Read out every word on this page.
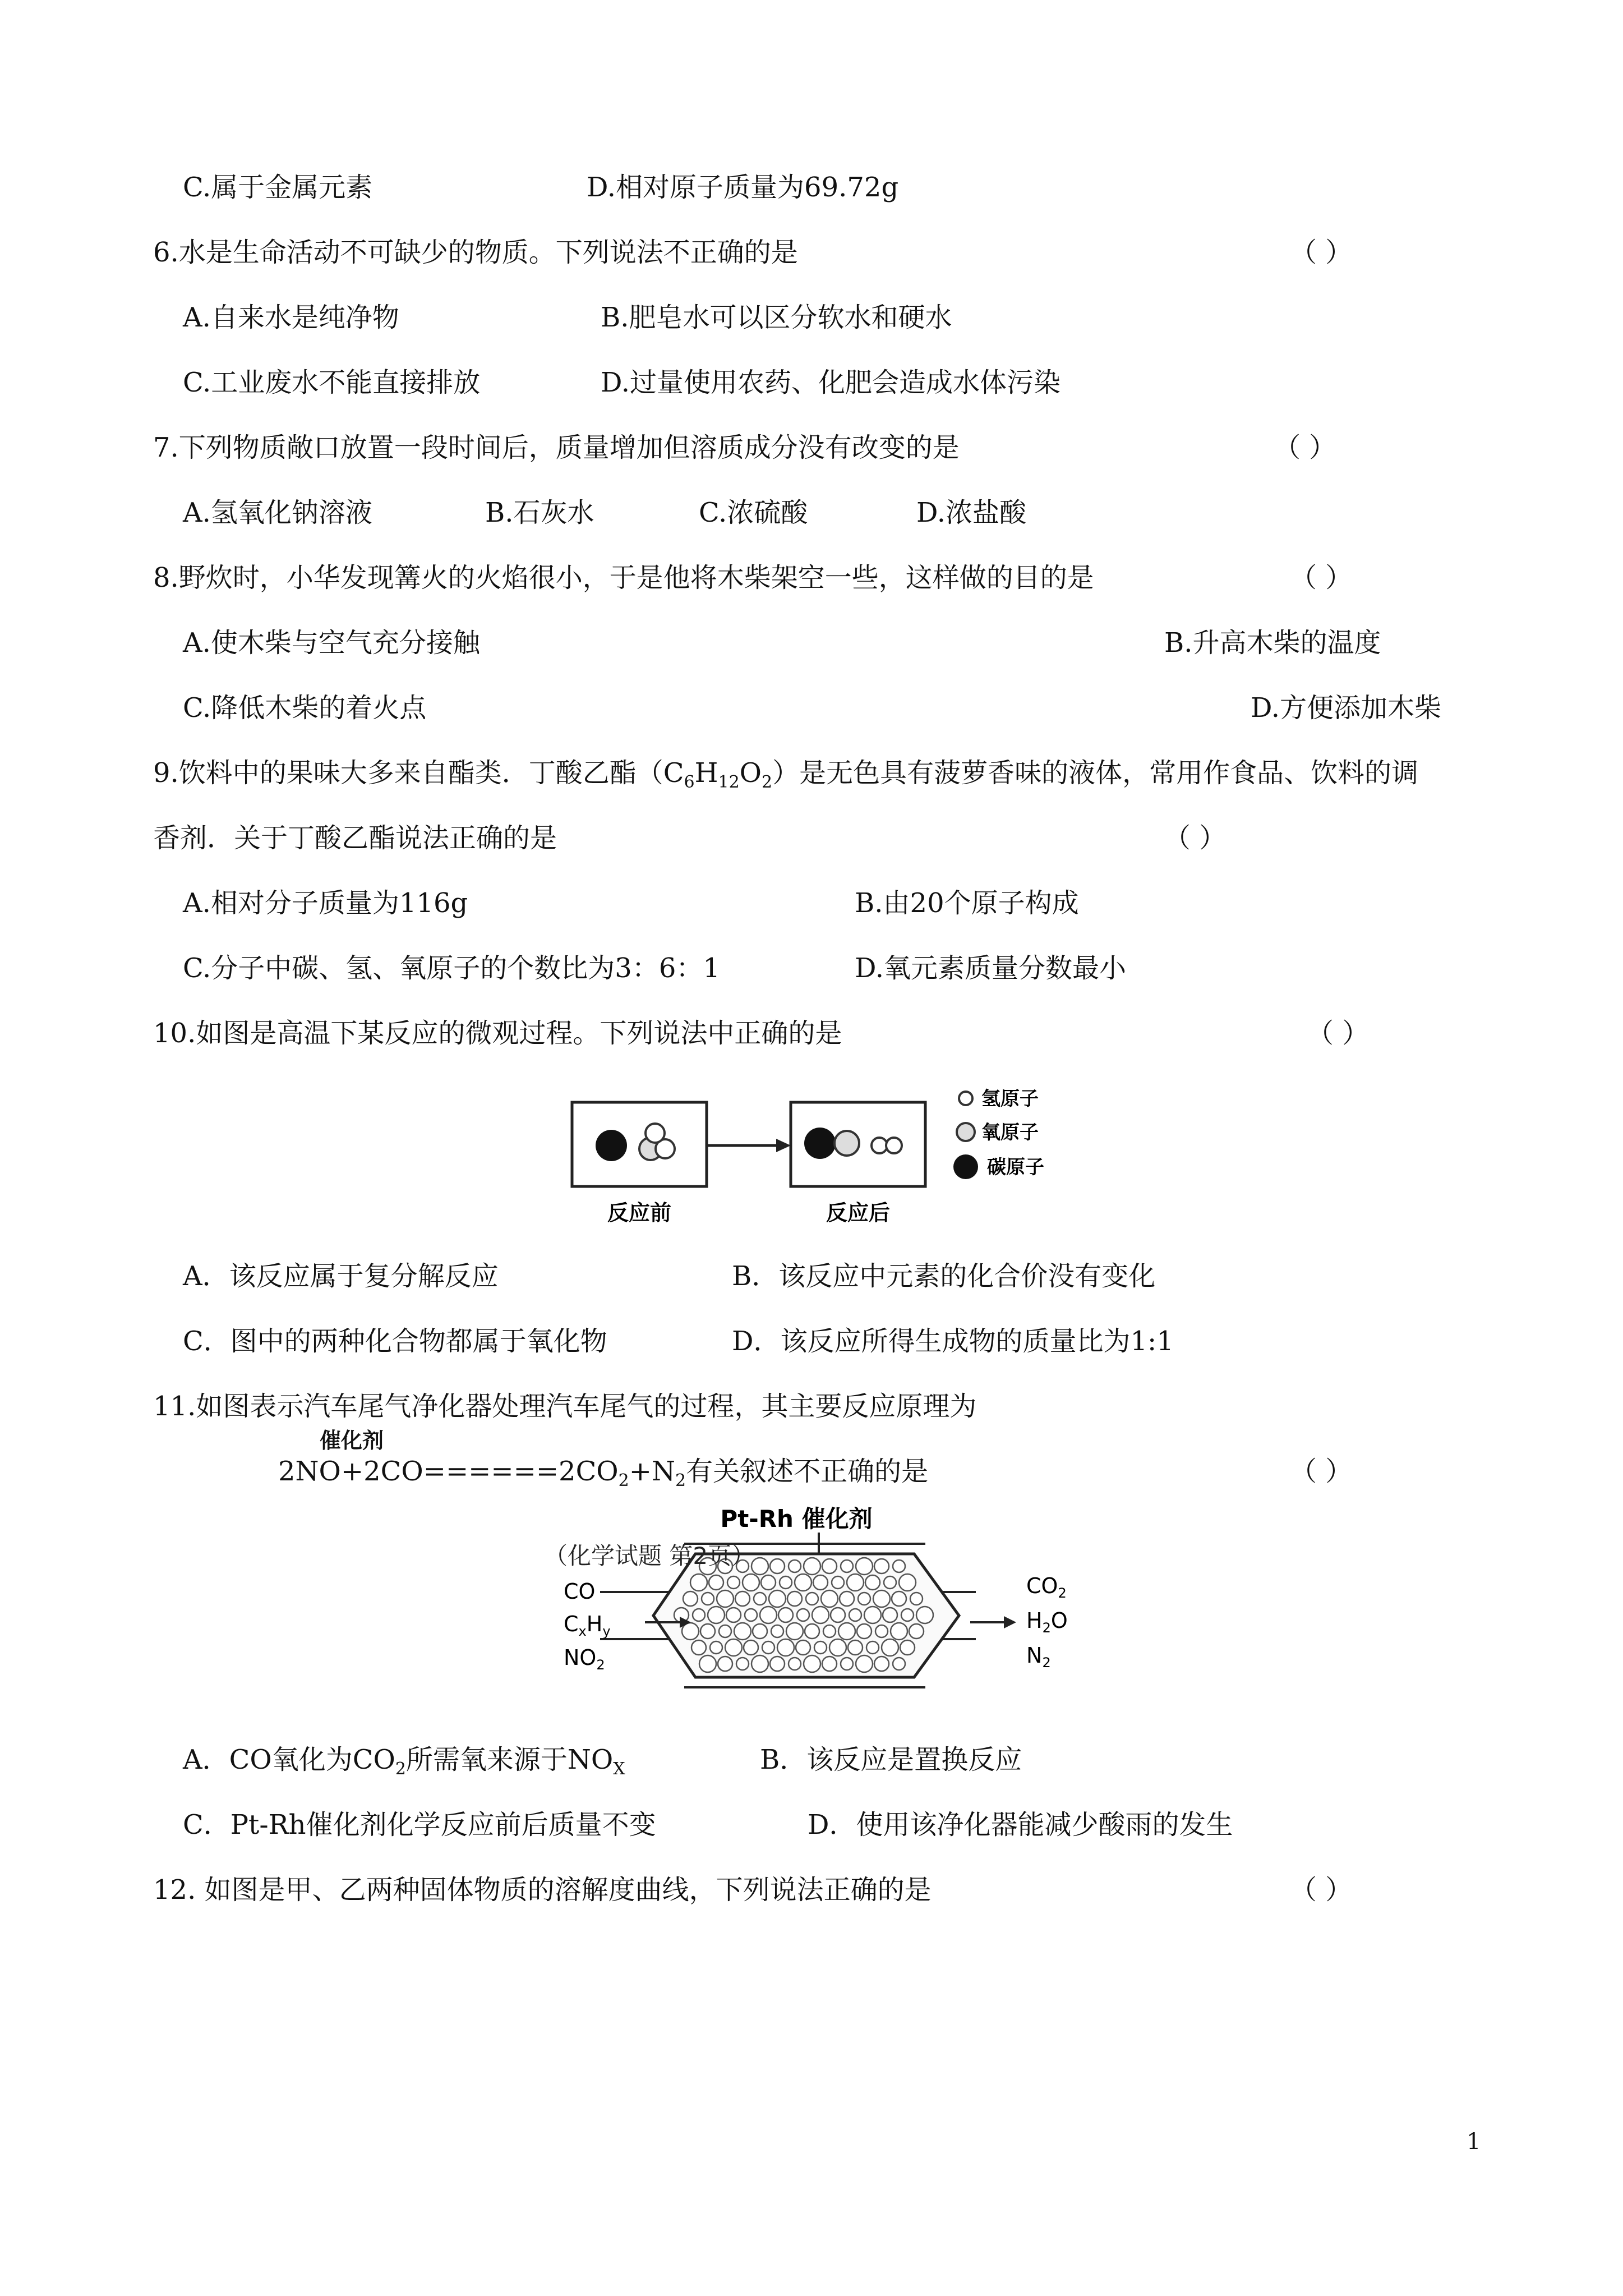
C.属于金属元素	D.相对原子质量为69.72g
6.水是生命活动不可缺少的物质。下列说法不正确的是	（ ）
A.自来水是纯净物	B.肥皂水可以区分软水和硬水
C.工业废水不能直接排放	D.过量使用农药、化肥会造成水体污染
7.下列物质敞口放置一段时间后，质量增加但溶质成分没有改变的是	（ ）
A.氢氧化钠溶液	B.石灰水	C.浓硫酸	D.浓盐酸
8.野炊时，小华发现篝火的火焰很小，于是他将木柴架空一些，这样做的目的是	（ ）
A.使木柴与空气充分接触	B.升高木柴的温度
C.降低木柴的着火点	D.方便添加木柴
9.饮料中的果味大多来自酯类．丁酸乙酯$(C_6H_{12}O_2)$是无色具有菠萝香味的液体，常用作食品、饮料的调
香剂．关于丁酸乙酯说法正确的是	（ ）
A.相对分子质量为116g	B.由20个原子构成
C.分子中碳、氢、氧原子的个数比为3：6：1	D.氧元素质量分数最小
10.如图是高温下某反应的微观过程。下列说法中正确的是	（ ）
反应前	反应后
氢原子
氧原子
碳原子
A．该反应属于复分解反应	B．该反应中元素的化合价没有变化
C．图中的两种化合物都属于氧化物	D．该反应所得生成物的质量比为1:1
11.如图表示汽车尾气净化器处理汽车尾气的过程，其主要反应原理为
催化剂
$2NO+2CO======2CO_2+N_2$有关叙述不正确的是	（ ）
Pt-Rh 催化剂
CO
$C_xH_y$
$NO_2$
$CO_2$
$H_2O$
$N_2$
（化学试题 第2页）
A．CO氧化为$CO_2$所需氧来源于$NO_X$	B．该反应是置换反应
C．Pt-Rh催化剂化学反应前后质量不变	D．使用该净化器能减少酸雨的发生
12. 如图是甲、乙两种固体物质的溶解度曲线，下列说法正确的是	（ ）
1
